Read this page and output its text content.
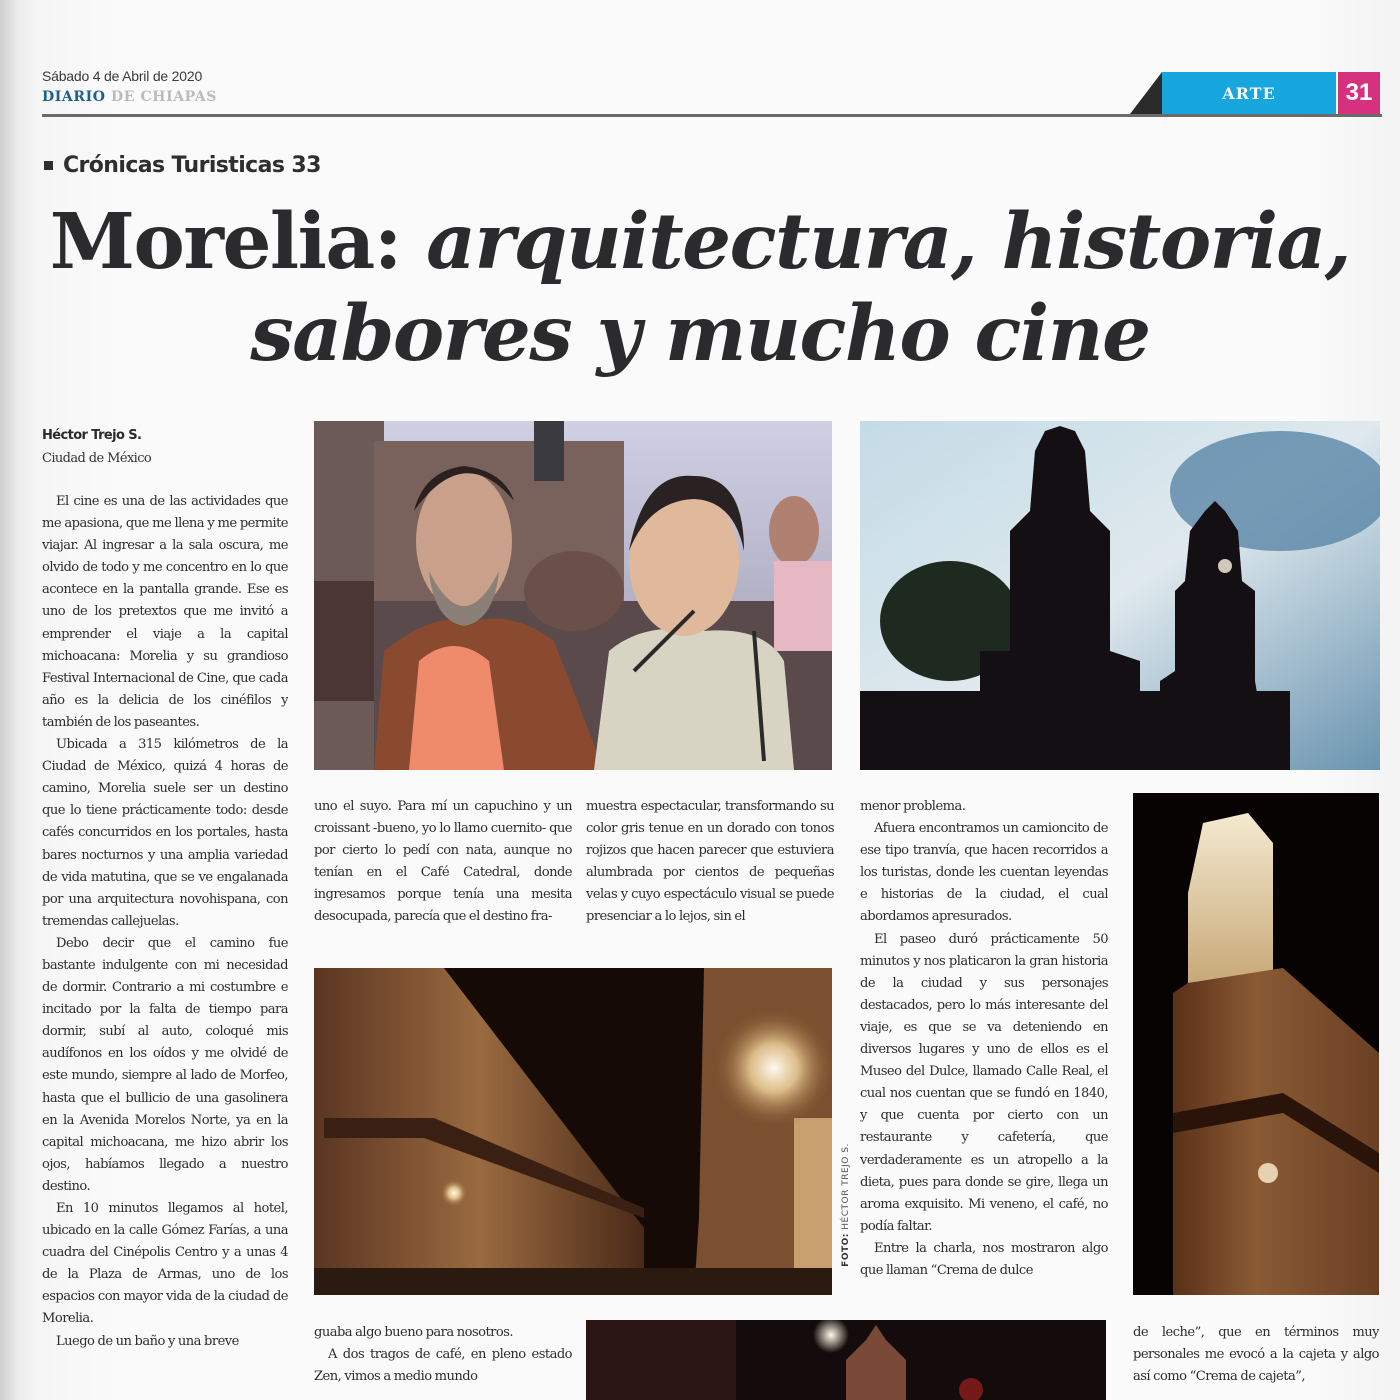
Sábado 4 de Abril de 2020
DIARIO DE CHIAPAS	ARTE	31
Crónicas Turisticas 33
Morelia: arquitectura, historia,
sabores y mucho cine
Héctor Trejo S.
Ciudad de México

El cine es una de las actividades que me apasiona, que me llena y me permite viajar. Al ingresar a la sala oscura, me olvido de todo y me concentro en lo que acontece en la pantalla grande. Ese es uno de los pretextos que me invitó a emprender el viaje a la capital michoacana: Morelia y su grandioso Festival Internacional de Cine, que cada año es la delicia de los cinéfilos y también de los paseantes.

Ubicada a 315 kilómetros de la Ciudad de México, quizá 4 horas de camino, Morelia suele ser un destino que lo tiene prácticamente todo: desde cafés concurridos en los portales, hasta bares nocturnos y una amplia variedad de vida matutina, que se ve engalanada por una arquitectura novohispana, con tremendas callejuelas.

Debo decir que el camino fue bastante indulgente con mi necesidad de dormir. Contrario a mi costumbre e incitado por la falta de tiempo para dormir, subí al auto, coloqué mis audífonos en los oídos y me olvidé de este mundo, siempre al lado de Morfeo, hasta que el bullicio de una gasolinera en la Avenida Morelos Norte, ya en la capital michoacana, me hizo abrir los ojos, habíamos llegado a nuestro destino.

En 10 minutos llegamos al hotel, ubicado en la calle Gómez Farías, a una cuadra del Cinépolis Centro y a unas 4 de la Plaza de Armas, uno de los espacios con mayor vida de la ciudad de Morelia.

Luego de un baño y una breve

uno el suyo. Para mí un capuchino y un croissant -bueno, yo lo llamo cuernito- que por cierto lo pedí con nata, aunque no tenían en el Café Catedral, donde ingresamos porque tenía una mesita desocupada, parecía que el destino fra-

muestra espectacular, transformando su color gris tenue en un dorado con tonos rojizos que hacen parecer que estuviera alumbrada por cientos de pequeñas velas y cuyo espectáculo visual se puede presenciar a lo lejos, sin el

FOTO: HÉCTOR TREJO S.

menor problema.

Afuera encontramos un camioncito de ese tipo tranvía, que hacen recorridos a los turistas, donde les cuentan leyendas e historias de la ciudad, el cual abordamos apresurados.

El paseo duró prácticamente 50 minutos y nos platicaron la gran historia de la ciudad y sus personajes destacados, pero lo más interesante del viaje, es que se va deteniendo en diversos lugares y uno de ellos es el Museo del Dulce, llamado Calle Real, el cual nos cuentan que se fundó en 1840, y que cuenta por cierto con un restaurante y cafetería, que verdaderamente es un atropello a la dieta, pues para donde se gire, llega un aroma exquisito. Mi veneno, el café, no podía faltar.

Entre la charla, nos mostraron algo que llaman “Crema de dulce

guaba algo bueno para nosotros.

A dos tragos de café, en pleno estado Zen, vimos a medio mundo

de leche”, que en términos muy personales me evocó a la cajeta y algo así como “Crema de cajeta”,
